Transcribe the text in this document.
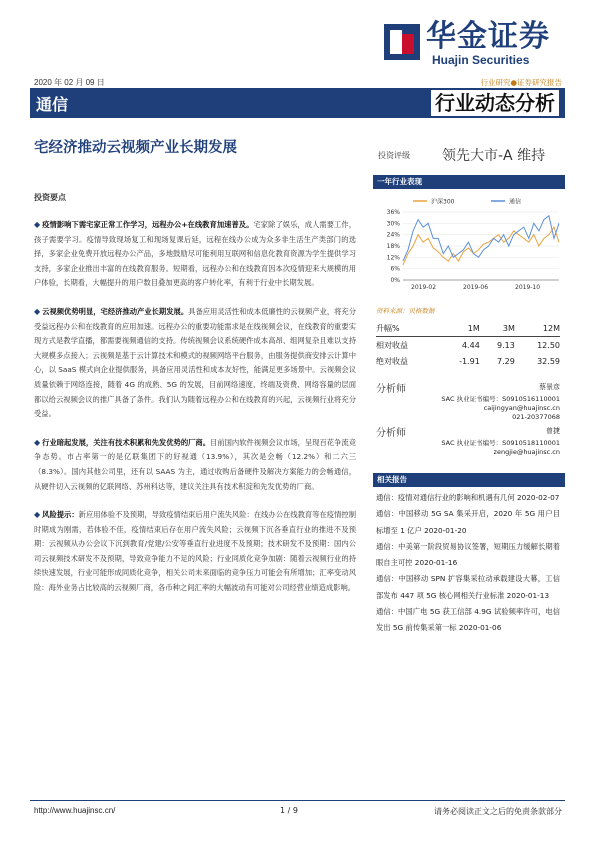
华金证券
Huajin Securities
2020 年 02 月 09 日	行业研究●证券研究报告
通信	行业动态分析
宅经济推动云视频产业长期发展	投资评级 领先大市-A 维持
投资要点
◆ 疫情影响下需宅家正常工作学习，远程办公+在线教育加速普及。宅家除了娱乐，成人需要工作，孩子需要学习。疫情导致现场复工和现场复课后延，远程在线办公成为众多非生活生产类部门的选择，多家企业免费开放远程办公产品，多地鼓励尽可能利用互联网和信息化教育资源为学生提供学习支持，多家企业推出丰富的在线教育服务。短期看，远程办公和在线教育因本次疫情迎来大规模的用户体验，长期看，大幅提升的用户数目叠加更高的客户转化率，有利于行业中长期发展。
◆ 云视频优势明显，宅经济推动产业长期发展。具备应用灵活性和成本低廉性的云视频产业，将充分受益远程办公和在线教育的应用加速。远程办公的重要功能需求是在线视频会议，在线教育的重要实现方式是教学直播，都需要视频通信的支持。传统视频会议系统硬件成本高昂、组网复杂且难以支持大规模多点接入；云视频是基于云计算技术和模式的视频网络平台服务，由服务提供商安排云计算中心，以 SaaS 模式向企业提供服务，具备应用灵活性和成本友好性，能满足更多场景中。云视频会议质量依赖于网络连接，随着 4G 的成熟、5G 的发展，目前网络速度、终端及资费、网络容量的层面都以给云视频会议的推广具备了条件。我们认为随着远程办公和在线教育的兴起，云视频行业将充分受益。
◆ 行业暗起发展，关注有技术积累和先发优势的厂商。目前国内软件视频会议市场，呈现百花争流竞争态势。市占率第一的是亿联集团下的好视通（13.9%），其次是会畅（12.2%）和二六三（8.3%）。国内其他公司里，还有以 SAAS 为主，通过收购后备硬件及解决方案能力的会畅通信，从硬件切入云视频的亿联网络、苏州科达等，建议关注具有技术积淀和先发优势的厂商。
◆ 风险提示：新应用体验不及预期，导致疫情结束后用户流失风险：在线办公在线教育等在疫情控制时期成为刚需，若体验不佳，疫情结束后存在用户流失风险；云视频下沉各垂直行业的推进不及预期：云视频从办公会议下沉到教育/党建/公安等垂直行业进度不及预期；技术研发不及预期：国内公司云视频技术研发不及预期，导致竞争能力不足的风险；行业同质化竞争加剧：随着云视频行业的持续快速发展，行业可能形成同质化竞争，相关公司未来面临的竞争压力可能会有所增加；汇率变动风险：海外业务占比较高的云视频厂商，各币种之间汇率的大幅波动有可能对公司经营业绩造成影响。
一年行业表现
沪深300	通信
36%
30%
24%
18%
12%
6%
0%
2019-02	2019-06	2019-10
资料来源：贝格数据
升幅%	1M	3M	12M
相对收益	4.44	9.13	12.50
绝对收益	-1.91	7.29	32.59
分析师	蔡景彦
SAC 执业证书编号：S0910516110001
caijingyan@huajinsc.cn
021-20377068
分析师	曾捷
SAC 执业证书编号：S0910518110001
zengjie@huajinsc.cn
相关报告
通信：疫情对通信行业的影响和机遇有几何 2020-02-07
通信：中国移动 5G SA 集采开启，2020 年 5G 用户目标增至 1 亿户 2020-01-20
通信：中美第一阶段贸易协议签署，短期压力缓解长期着眼自主可控 2020-01-16
通信：中国移动 SPN 扩容集采拉动承载建设大幕，工信部发布 447 项 5G 核心网相关行业标准 2020-01-13
通信：中国广电 5G 获工信部 4.9G 试验频率许可，电信发出 5G 前传集采第一标 2020-01-06
http://www.huajinsc.cn/	1 / 9	请务必阅读正文之后的免责条款部分
